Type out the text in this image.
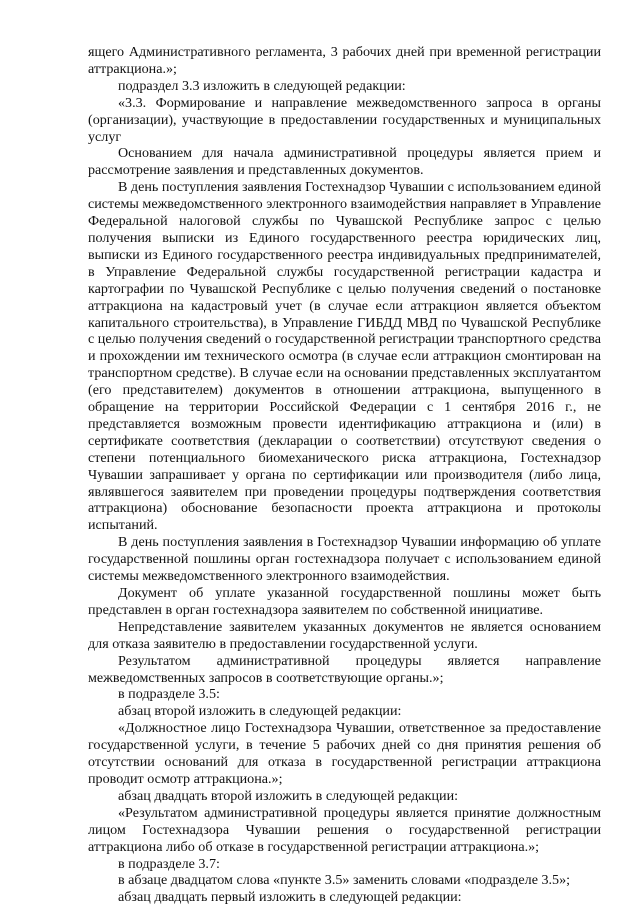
ящего Административного регламента, 3 рабочих дней при временной регистрации аттракциона.»;

подраздел 3.3 изложить в следующей редакции:

«3.3. Формирование и направление межведомственного запроса в органы (организации), участвующие в предоставлении государственных и муниципальных услуг

Основанием для начала административной процедуры является прием и рассмотрение заявления и представленных документов.

В день поступления заявления Гостехнадзор Чувашии с использованием единой системы межведомственного электронного взаимодействия направляет в Управление Федеральной налоговой службы по Чувашской Республике запрос с целью получения выписки из Единого государственного реестра юридических лиц, выписки из Единого государственного реестра индивидуальных предпринимателей, в Управление Федеральной службы государственной регистрации кадастра и картографии по Чувашской Республике с целью получения сведений о постановке аттракциона на кадастровый учет (в случае если аттракцион является объектом капитального строительства), в Управление ГИБДД МВД по Чувашской Республике с целью получения сведений о государственной регистрации транспортного средства и прохождении им технического осмотра (в случае если аттракцион смонтирован на транспортном средстве). В случае если на основании представленных эксплуатантом (его представителем) документов в отношении аттракциона, выпущенного в обращение на территории Российской Федерации с 1 сентября 2016 г., не представляется возможным провести идентификацию аттракциона и (или) в сертификате соответствия (декларации о соответствии) отсутствуют сведения о степени потенциального биомеханического риска аттракциона, Гостехнадзор Чувашии запрашивает у органа по сертификации или производителя (либо лица, являвшегося заявителем при проведении процедуры подтверждения соответствия аттракциона) обоснование безопасности проекта аттракциона и протоколы испытаний.

В день поступления заявления в Гостехнадзор Чувашии информацию об уплате государственной пошлины орган гостехнадзора получает с использованием единой системы межведомственного электронного взаимодействия.

Документ об уплате указанной государственной пошлины может быть представлен в орган гостехнадзора заявителем по собственной инициативе.

Непредставление заявителем указанных документов не является основанием для отказа заявителю в предоставлении государственной услуги.

Результатом административной процедуры является направление межведомственных запросов в соответствующие органы.»;

в подразделе 3.5:

абзац второй изложить в следующей редакции:

«Должностное лицо Гостехнадзора Чувашии, ответственное за предоставление государственной услуги, в течение 5 рабочих дней со дня принятия решения об отсутствии оснований для отказа в государственной регистрации аттракциона проводит осмотр аттракциона.»;

абзац двадцать второй изложить в следующей редакции:

«Результатом административной процедуры является принятие должностным лицом Гостехнадзора Чувашии решения о государственной регистрации аттракциона либо об отказе в государственной регистрации аттракциона.»;

в подразделе 3.7:

в абзаце двадцатом слова «пункте 3.5» заменить словами «подразделе 3.5»;

абзац двадцать первый изложить в следующей редакции:
